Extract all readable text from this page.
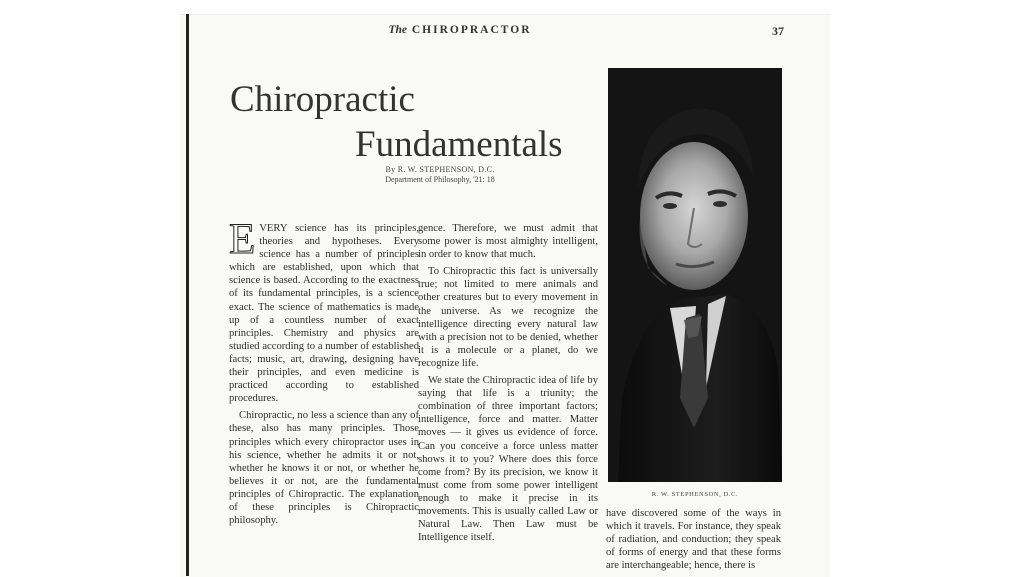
The CHIROPRACTOR	37
Chiropractic
Fundamentals
By R. W. STEPHENSON, D.C.
Department of Philosophy, '21: 18

EVERY science has its principles, theories and hypotheses. Every science has a number of principles which are established, upon which that science is based. According to the exactness of its fundamental principles, is a science exact. The science of mathematics is made up of a countless number of exact principles. Chemistry and physics are studied according to a number of established facts; music, art, drawing, designing have their principles, and even medicine is practiced according to established procedures.

Chiropractic, no less a science than any of these, also has many principles. Those principles which every chiropractor uses in his science, whether he admits it or not, whether he knows it or not, or whether he believes it or not, are the fundamental principles of Chiropractic. The explanation of these principles is Chiropractic philosophy.

gence. Therefore, we must admit that some power is most almighty intelligent, in order to know that much.

To Chiropractic this fact is universally true; not limited to mere animals and other creatures but to every movement in the universe. As we recognize the intelligence directing every natural law with a precision not to be denied, whether it is a molecule or a planet, do we recognize life.

We state the Chiropractic idea of life by saying that life is a triunity; the combination of three important factors; intelligence, force and matter. Matter moves — it gives us evidence of force. Can you conceive a force unless matter shows it to you? Where does this force come from? By its precision, we know it must come from some power intelligent enough to make it precise in its movements. This is usually called Law or Natural Law. Then Law must be Intelligence itself.

R. W. STEPHENSON, D.C.

have discovered some of the ways in which it travels. For instance, they speak of radiation, and conduction; they speak of forms of energy and that these forms are interchangeable; hence, there is
